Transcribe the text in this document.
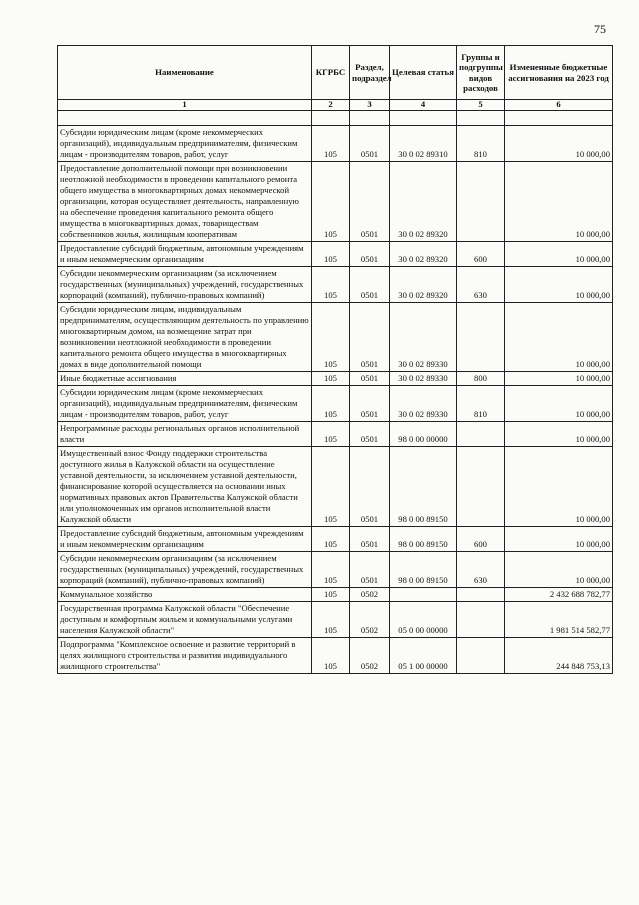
75
Наименование	КГРБС	Раздел, подраздел	Целевая статья	Группы и подгруппы видов расходов	Измененные бюджетные ассигнования на 2023 год
1	2	3	4	5	6

Субсидии юридическим лицам (кроме некоммерческих организаций), индивидуальным предпринимателям, физическим лицам - производителям товаров, работ, услуг	105	0501	30 0 02 89310	810	10 000,00
Предоставление дополнительной помощи при возникновении неотложной необходимости в проведении капитального ремонта общего имущества в многоквартирных домах некоммерческой организации, которая осуществляет деятельность, направленную на обеспечение проведения капитального ремонта общего имущества в многоквартирных домах, товариществам собственников жилья, жилищным кооперативам	105	0501	30 0 02 89320		10 000,00
Предоставление субсидий бюджетным, автономным учреждениям и иным некоммерческим организациям	105	0501	30 0 02 89320	600	10 000,00
Субсидии некоммерческим организациям (за исключением государственных (муниципальных) учреждений, государственных корпораций (компаний), публично-правовых компаний)	105	0501	30 0 02 89320	630	10 000,00
Субсидии юридическим лицам, индивидуальным предпринимателям, осуществляющим деятельность по управлению многоквартирным домом, на возмещение затрат при возникновении неотложной необходимости в проведении капитального ремонта общего имущества в многоквартирных домах в виде дополнительной помощи	105	0501	30 0 02 89330		10 000,00
Иные бюджетные ассигнования	105	0501	30 0 02 89330	800	10 000,00
Субсидии юридическим лицам (кроме некоммерческих организаций), индивидуальным предпринимателям, физическим лицам - производителям товаров, работ, услуг	105	0501	30 0 02 89330	810	10 000,00
Непрограммные расходы региональных органов исполнительной власти	105	0501	98 0 00 00000		10 000,00
Имущественный взнос Фонду поддержки строительства доступного жилья в Калужской области на осуществление уставной деятельности, за исключением уставной деятельности, финансирование которой осуществляется на основании иных нормативных правовых актов Правительства Калужской области или уполномоченных им органов исполнительной власти Калужской области	105	0501	98 0 00 89150		10 000,00
Предоставление субсидий бюджетным, автономным учреждениям и иным некоммерческим организациям	105	0501	98 0 00 89150	600	10 000,00
Субсидии некоммерческим организациям (за исключением государственных (муниципальных) учреждений, государственных корпораций (компаний), публично-правовых компаний)	105	0501	98 0 00 89150	630	10 000,00
Коммунальное хозяйство	105	0502			2 432 688 782,77
Государственная программа Калужской области "Обеспечение доступным и комфортным жильем и коммунальными услугами населения Калужской области"	105	0502	05 0 00 00000		1 981 514 582,77
Подпрограмма "Комплексное освоение и развитие территорий в целях жилищного строительства и развития индивидуального жилищного строительства"	105	0502	05 1 00 00000		244 848 753,13
